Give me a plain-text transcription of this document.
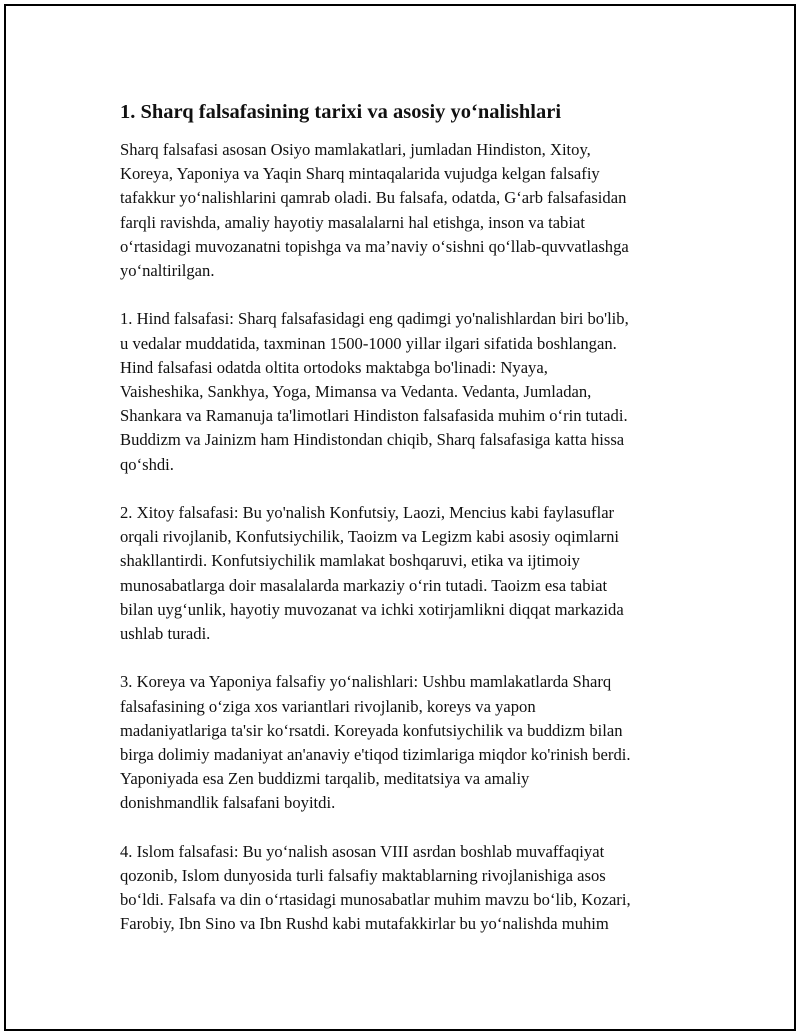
1. Sharq falsafasining tarixi va asosiy yo‘nalishlari

Sharq falsafasi asosan Osiyo mamlakatlari, jumladan Hindiston, Xitoy,
Koreya, Yaponiya va Yaqin Sharq mintaqalarida vujudga kelgan falsafiy
tafakkur yo‘nalishlarini qamrab oladi. Bu falsafa, odatda, G‘arb falsafasidan
farqli ravishda, amaliy hayotiy masalalarni hal etishga, inson va tabiat
o‘rtasidagi muvozanatni topishga va ma’naviy o‘sishni qo‘llab-quvvatlashga
yo‘naltirilgan.

1. Hind falsafasi: Sharq falsafasidagi eng qadimgi yo'nalishlardan biri bo'lib,
u vedalar muddatida, taxminan 1500-1000 yillar ilgari sifatida boshlangan.
Hind falsafasi odatda oltita ortodoks maktabga bo'linadi: Nyaya,
Vaisheshika, Sankhya, Yoga, Mimansa va Vedanta. Vedanta, Jumladan,
Shankara va Ramanuja ta'limotlari Hindiston falsafasida muhim o‘rin tutadi.
Buddizm va Jainizm ham Hindistondan chiqib, Sharq falsafasiga katta hissa
qo‘shdi.

2. Xitoy falsafasi: Bu yo'nalish Konfutsiy, Laozi, Mencius kabi faylasuflar
orqali rivojlanib, Konfutsiychilik, Taoizm va Legizm kabi asosiy oqimlarni
shakllantirdi. Konfutsiychilik mamlakat boshqaruvi, etika va ijtimoiy
munosabatlarga doir masalalarda markaziy o‘rin tutadi. Taoizm esa tabiat
bilan uyg‘unlik, hayotiy muvozanat va ichki xotirjamlikni diqqat markazida
ushlab turadi.

3. Koreya va Yaponiya falsafiy yo‘nalishlari: Ushbu mamlakatlarda Sharq
falsafasining o‘ziga xos variantlari rivojlanib, koreys va yapon
madaniyatlariga ta'sir ko‘rsatdi. Koreyada konfutsiychilik va buddizm bilan
birga dolimiy madaniyat an'anaviy e'tiqod tizimlariga miqdor ko'rinish berdi.
Yaponiyada esa Zen buddizmi tarqalib, meditatsiya va amaliy
donishmandlik falsafani boyitdi.

4. Islom falsafasi: Bu yo‘nalish asosan VIII asrdan boshlab muvaffaqiyat
qozonib, Islom dunyosida turli falsafiy maktablarning rivojlanishiga asos
bo‘ldi. Falsafa va din o‘rtasidagi munosabatlar muhim mavzu bo‘lib, Kozari,
Farobiy, Ibn Sino va Ibn Rushd kabi mutafakkirlar bu yo‘nalishda muhim
